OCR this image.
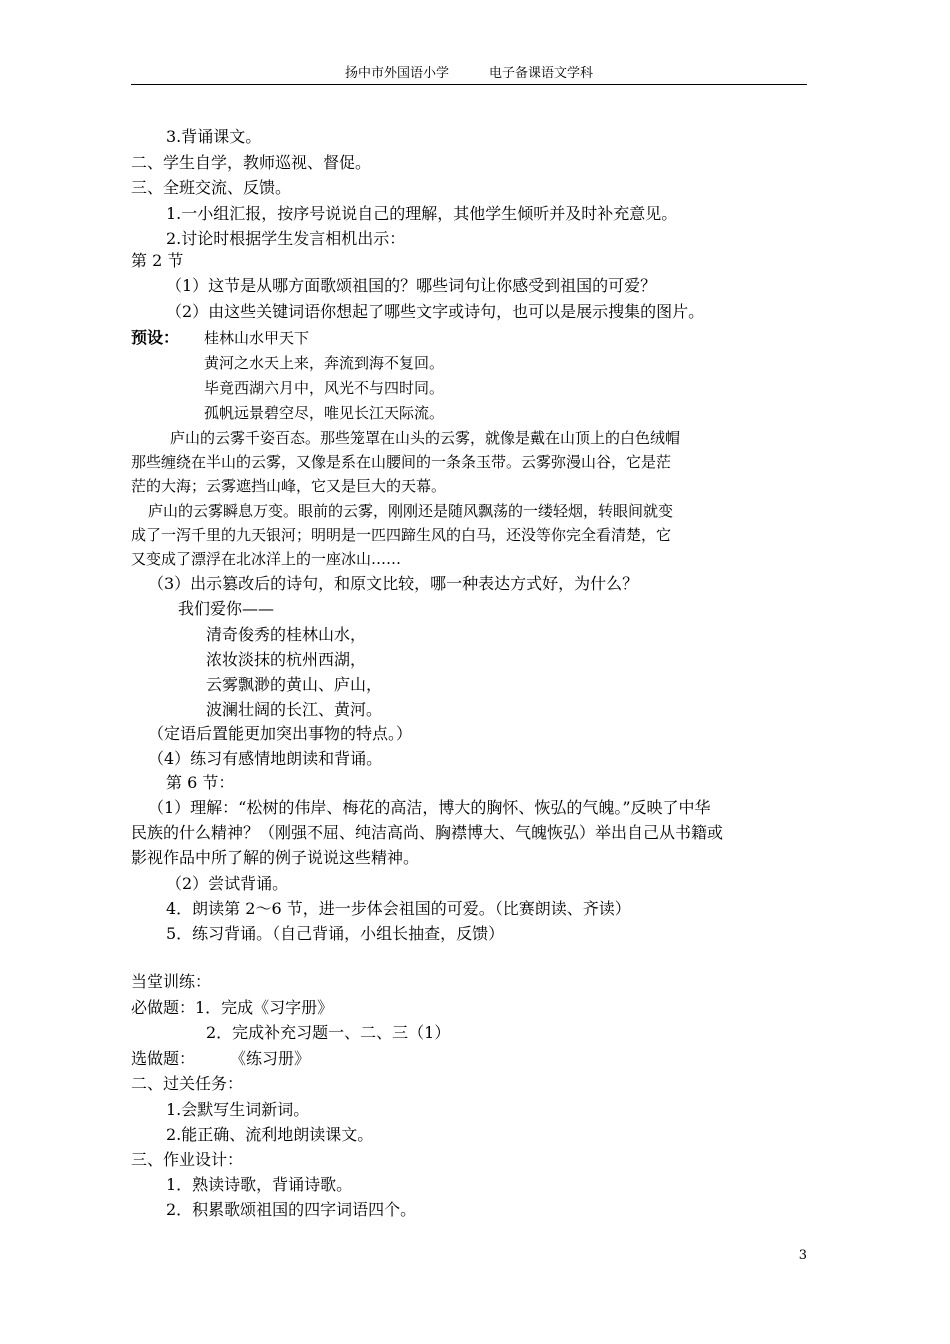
扬中市外国语小学	电子备课语文学科
3.背诵课文。
二、学生自学，教师巡视、督促。
三、全班交流、反馈。
1.一小组汇报，按序号说说自己的理解，其他学生倾听并及时补充意见。
2.讨论时根据学生发言相机出示：
第 2 节
（1）这节是从哪方面歌颂祖国的？哪些词句让你感受到祖国的可爱？
（2）由这些关键词语你想起了哪些文字或诗句，也可以是展示搜集的图片。
预设： 桂林山水甲天下
黄河之水天上来，奔流到海不复回。
毕竟西湖六月中，风光不与四时同。
孤帆远景碧空尽，唯见长江天际流。
庐山的云雾千姿百态。那些笼罩在山头的云雾，就像是戴在山顶上的白色绒帽
那些缠绕在半山的云雾，又像是系在山腰间的一条条玉带。云雾弥漫山谷，它是茫
茫的大海；云雾遮挡山峰，它又是巨大的天幕。
庐山的云雾瞬息万变。眼前的云雾，刚刚还是随风飘荡的一缕轻烟，转眼间就变
成了一泻千里的九天银河；明明是一匹四蹄生风的白马，还没等你完全看清楚，它
又变成了漂浮在北冰洋上的一座冰山……
（3）出示篡改后的诗句，和原文比较，哪一种表达方式好，为什么？
我们爱你——
清奇俊秀的桂林山水，
浓妆淡抹的杭州西湖，
云雾飘渺的黄山、庐山，
波澜壮阔的长江、黄河。
（定语后置能更加突出事物的特点。）
（4）练习有感情地朗读和背诵。
第 6 节：
（1）理解：“松树的伟岸、梅花的高洁，博大的胸怀、恢弘的气魄。”反映了中华
民族的什么精神？（刚强不屈、纯洁高尚、胸襟博大、气魄恢弘）举出自己从书籍或
影视作品中所了解的例子说说这些精神。
（2）尝试背诵。
4．朗读第 2～6 节，进一步体会祖国的可爱。（比赛朗读、齐读）
5．练习背诵。（自己背诵，小组长抽查，反馈）
当堂训练：
必做题：1．完成《习字册》
2．完成补充习题一、二、三（1）
选做题： 《练习册》
二、过关任务：
1.会默写生词新词。
2.能正确、流利地朗读课文。
三、作业设计：
1．熟读诗歌，背诵诗歌。
2．积累歌颂祖国的四字词语四个。
3
